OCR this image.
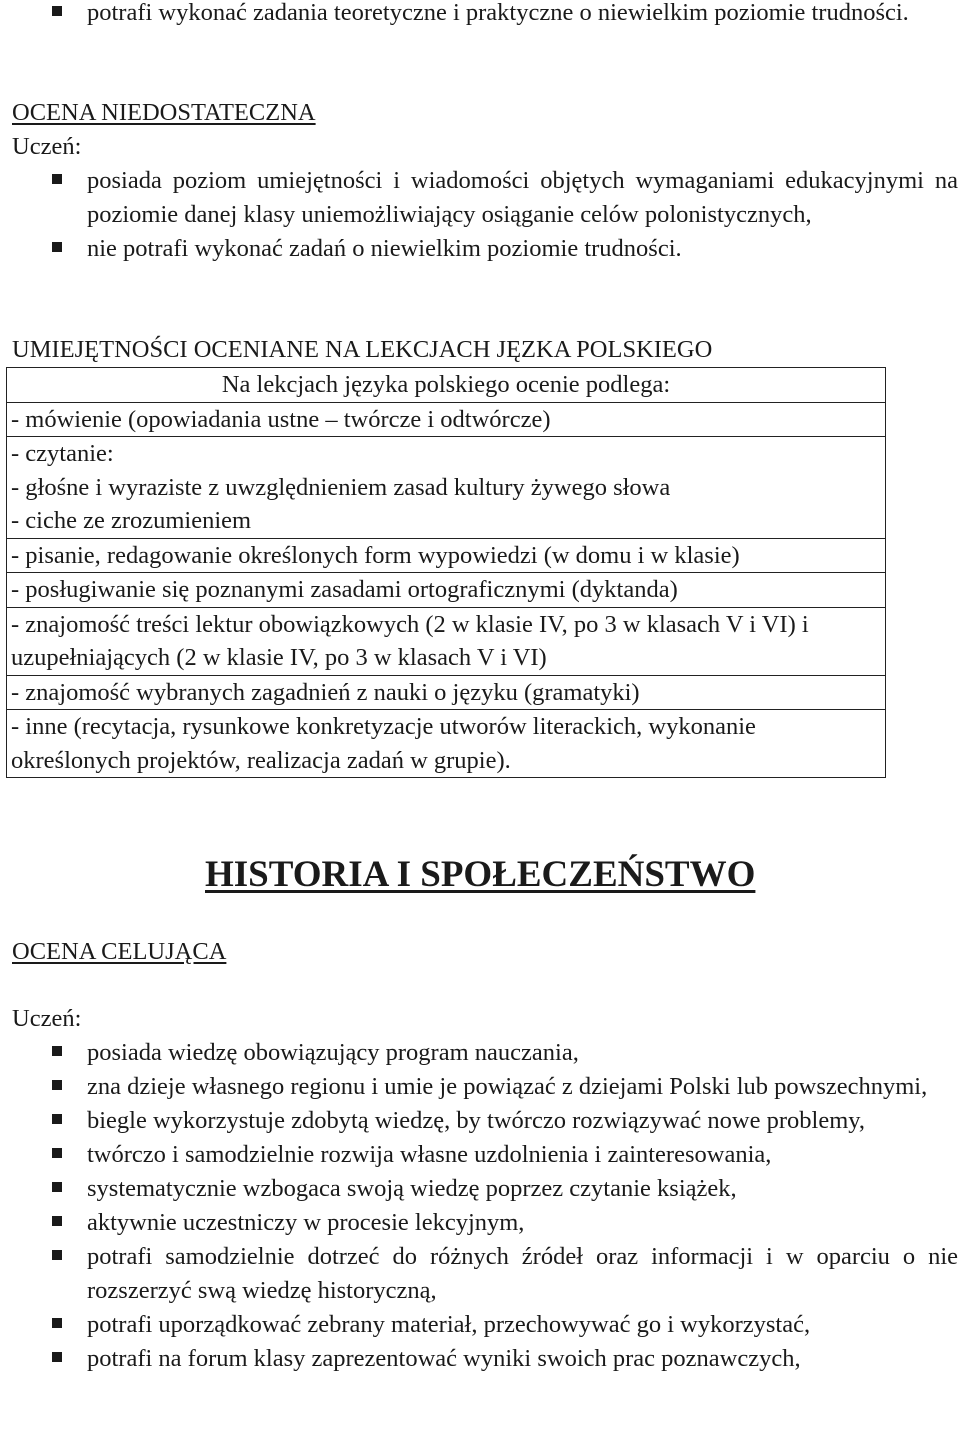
potrafi wykonać zadania teoretyczne i praktyczne o niewielkim poziomie trudności.
OCENA NIEDOSTATECZNA
Uczeń:
posiada poziom umiejętności i wiadomości objętych wymaganiami edukacyjnymi na poziomie danej klasy uniemożliwiający osiąganie celów polonistycznych,
nie potrafi wykonać zadań o niewielkim poziomie trudności.
UMIEJĘTNOŚCI OCENIANE NA LEKCJACH JĘZKA POLSKIEGO
Na lekcjach języka polskiego ocenie podlega:
- mówienie (opowiadania ustne – twórcze i odtwórcze)

- czytanie:
- głośne i wyraziste z uwzględnieniem zasad kultury żywego słowa
- ciche ze zrozumieniem

- pisanie, redagowanie określonych form wypowiedzi (w domu i w klasie)
- posługiwanie się poznanymi zasadami ortograficznymi (dyktanda)
- znajomość treści lektur obowiązkowych (2 w klasie IV, po 3 w klasach V i VI) i uzupełniających (2 w klasie IV, po 3 w klasach V i VI)
- znajomość wybranych zagadnień z nauki o języku (gramatyki)
- inne (recytacja, rysunkowe konkretyzacje utworów literackich, wykonanie określonych projektów, realizacja zadań w grupie).
HISTORIA I SPOŁECZEŃSTWO
OCENA CELUJĄCA
Uczeń:
posiada wiedzę obowiązujący program nauczania,
zna dzieje własnego regionu i umie je powiązać z dziejami Polski lub powszechnymi,
biegle wykorzystuje zdobytą wiedzę, by twórczo rozwiązywać nowe problemy,
twórczo i samodzielnie rozwija własne uzdolnienia i zainteresowania,
systematycznie wzbogaca swoją wiedzę poprzez czytanie książek,
aktywnie uczestniczy w procesie lekcyjnym,
potrafi samodzielnie dotrzeć do różnych źródeł oraz informacji i w oparciu o nie rozszerzyć swą wiedzę historyczną,
potrafi uporządkować zebrany materiał, przechowywać go i wykorzystać,
potrafi na forum klasy zaprezentować wyniki swoich prac poznawczych,
